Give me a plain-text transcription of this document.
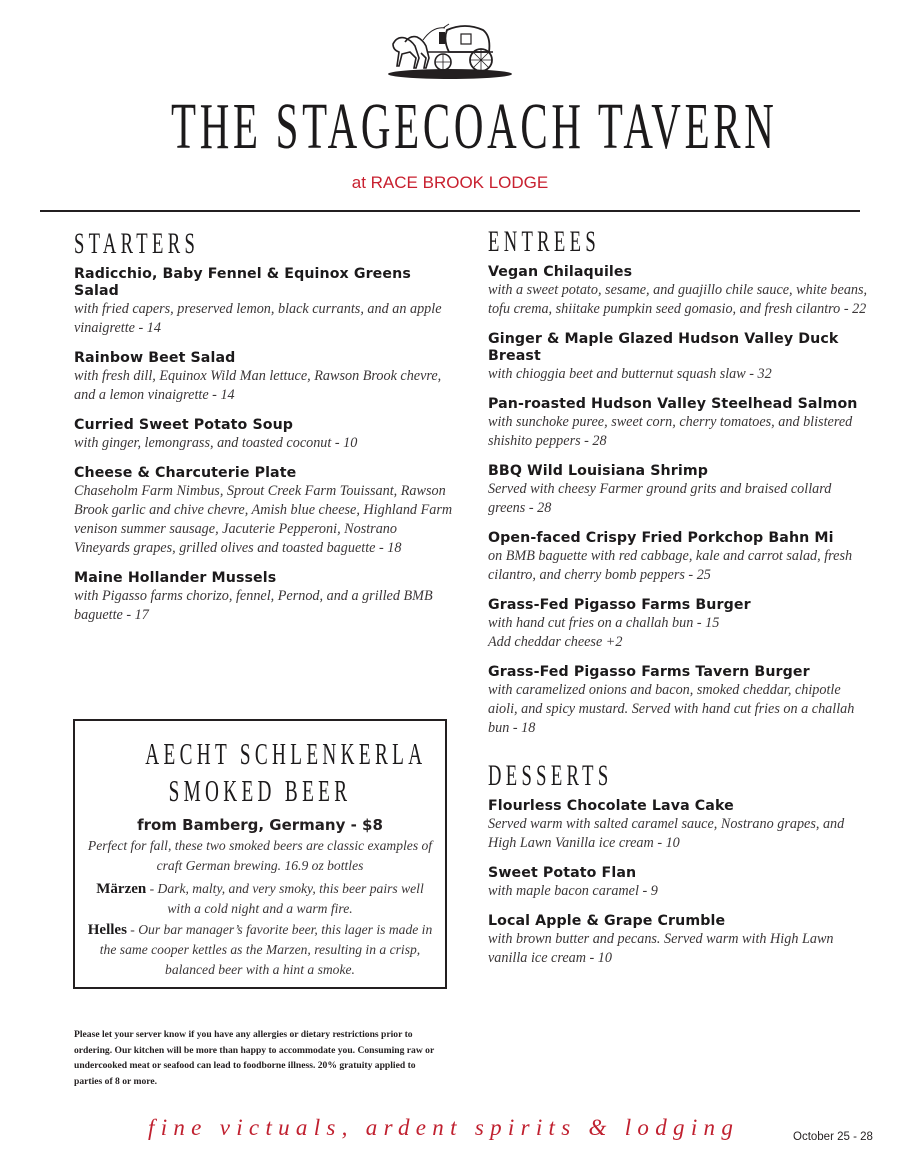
THE STAGECOACH TAVERN
at RACE BROOK LODGE
STARTERS
Radicchio, Baby Fennel & Equinox Greens Salad
with fried capers, preserved lemon, black currants, and an apple vinaigrette - 14
Rainbow Beet Salad
with fresh dill, Equinox Wild Man lettuce, Rawson Brook chevre, and a lemon vinaigrette - 14
Curried Sweet Potato Soup
with ginger, lemongrass, and toasted coconut - 10
Cheese & Charcuterie Plate
Chaseholm Farm Nimbus, Sprout Creek Farm Touissant, Rawson Brook garlic and chive chevre, Amish blue cheese, Highland Farm venison summer sausage, Jacuterie Pepperoni, Nostrano Vineyards grapes, grilled olives and toasted baguette - 18
Maine Hollander Mussels
with Pigasso farms chorizo, fennel, Pernod, and a grilled BMB baguette - 17
AECHT SCHLENKERLA
SMOKED BEER
from Bamberg, Germany - $8
Perfect for fall, these two smoked beers are classic examples of craft German brewing. 16.9 oz bottles
Märzen - Dark, malty, and very smoky, this beer pairs well with a cold night and a warm fire.
Helles - Our bar manager’s favorite beer, this lager is made in the same cooper kettles as the Marzen, resulting in a crisp, balanced beer with a hint a smoke.
ENTREES
Vegan Chilaquiles
with a sweet potato, sesame, and guajillo chile sauce, white beans, tofu crema, shiitake pumpkin seed gomasio, and fresh cilantro - 22
Ginger & Maple Glazed Hudson Valley Duck Breast
with chioggia beet and butternut squash slaw - 32
Pan-roasted Hudson Valley Steelhead Salmon
with sunchoke puree, sweet corn, cherry tomatoes, and blistered shishito peppers - 28
BBQ Wild Louisiana Shrimp
Served with cheesy Farmer ground grits and braised collard greens - 28
Open-faced Crispy Fried Porkchop Bahn Mi
on BMB baguette with red cabbage, kale and carrot salad, fresh cilantro, and cherry bomb peppers - 25
Grass-Fed Pigasso Farms Burger
with hand cut fries on a challah bun - 15
Add cheddar cheese +2
Grass-Fed Pigasso Farms Tavern Burger
with caramelized onions and bacon, smoked cheddar, chipotle aioli, and spicy mustard. Served with hand cut fries on a challah bun - 18
DESSERTS
Flourless Chocolate Lava Cake
Served warm with salted caramel sauce, Nostrano grapes, and High Lawn Vanilla ice cream - 10
Sweet Potato Flan
with maple bacon caramel - 9
Local Apple & Grape Crumble
with brown butter and pecans. Served warm with High Lawn vanilla ice cream - 10
Please let your server know if you have any allergies or dietary restrictions prior to ordering. Our kitchen will be more than happy to accommodate you. Consuming raw or undercooked meat or seafood can lead to foodborne illness. 20% gratuity applied to parties of 8 or more.
fine victuals, ardent spirits & lodging	October 25 - 28
